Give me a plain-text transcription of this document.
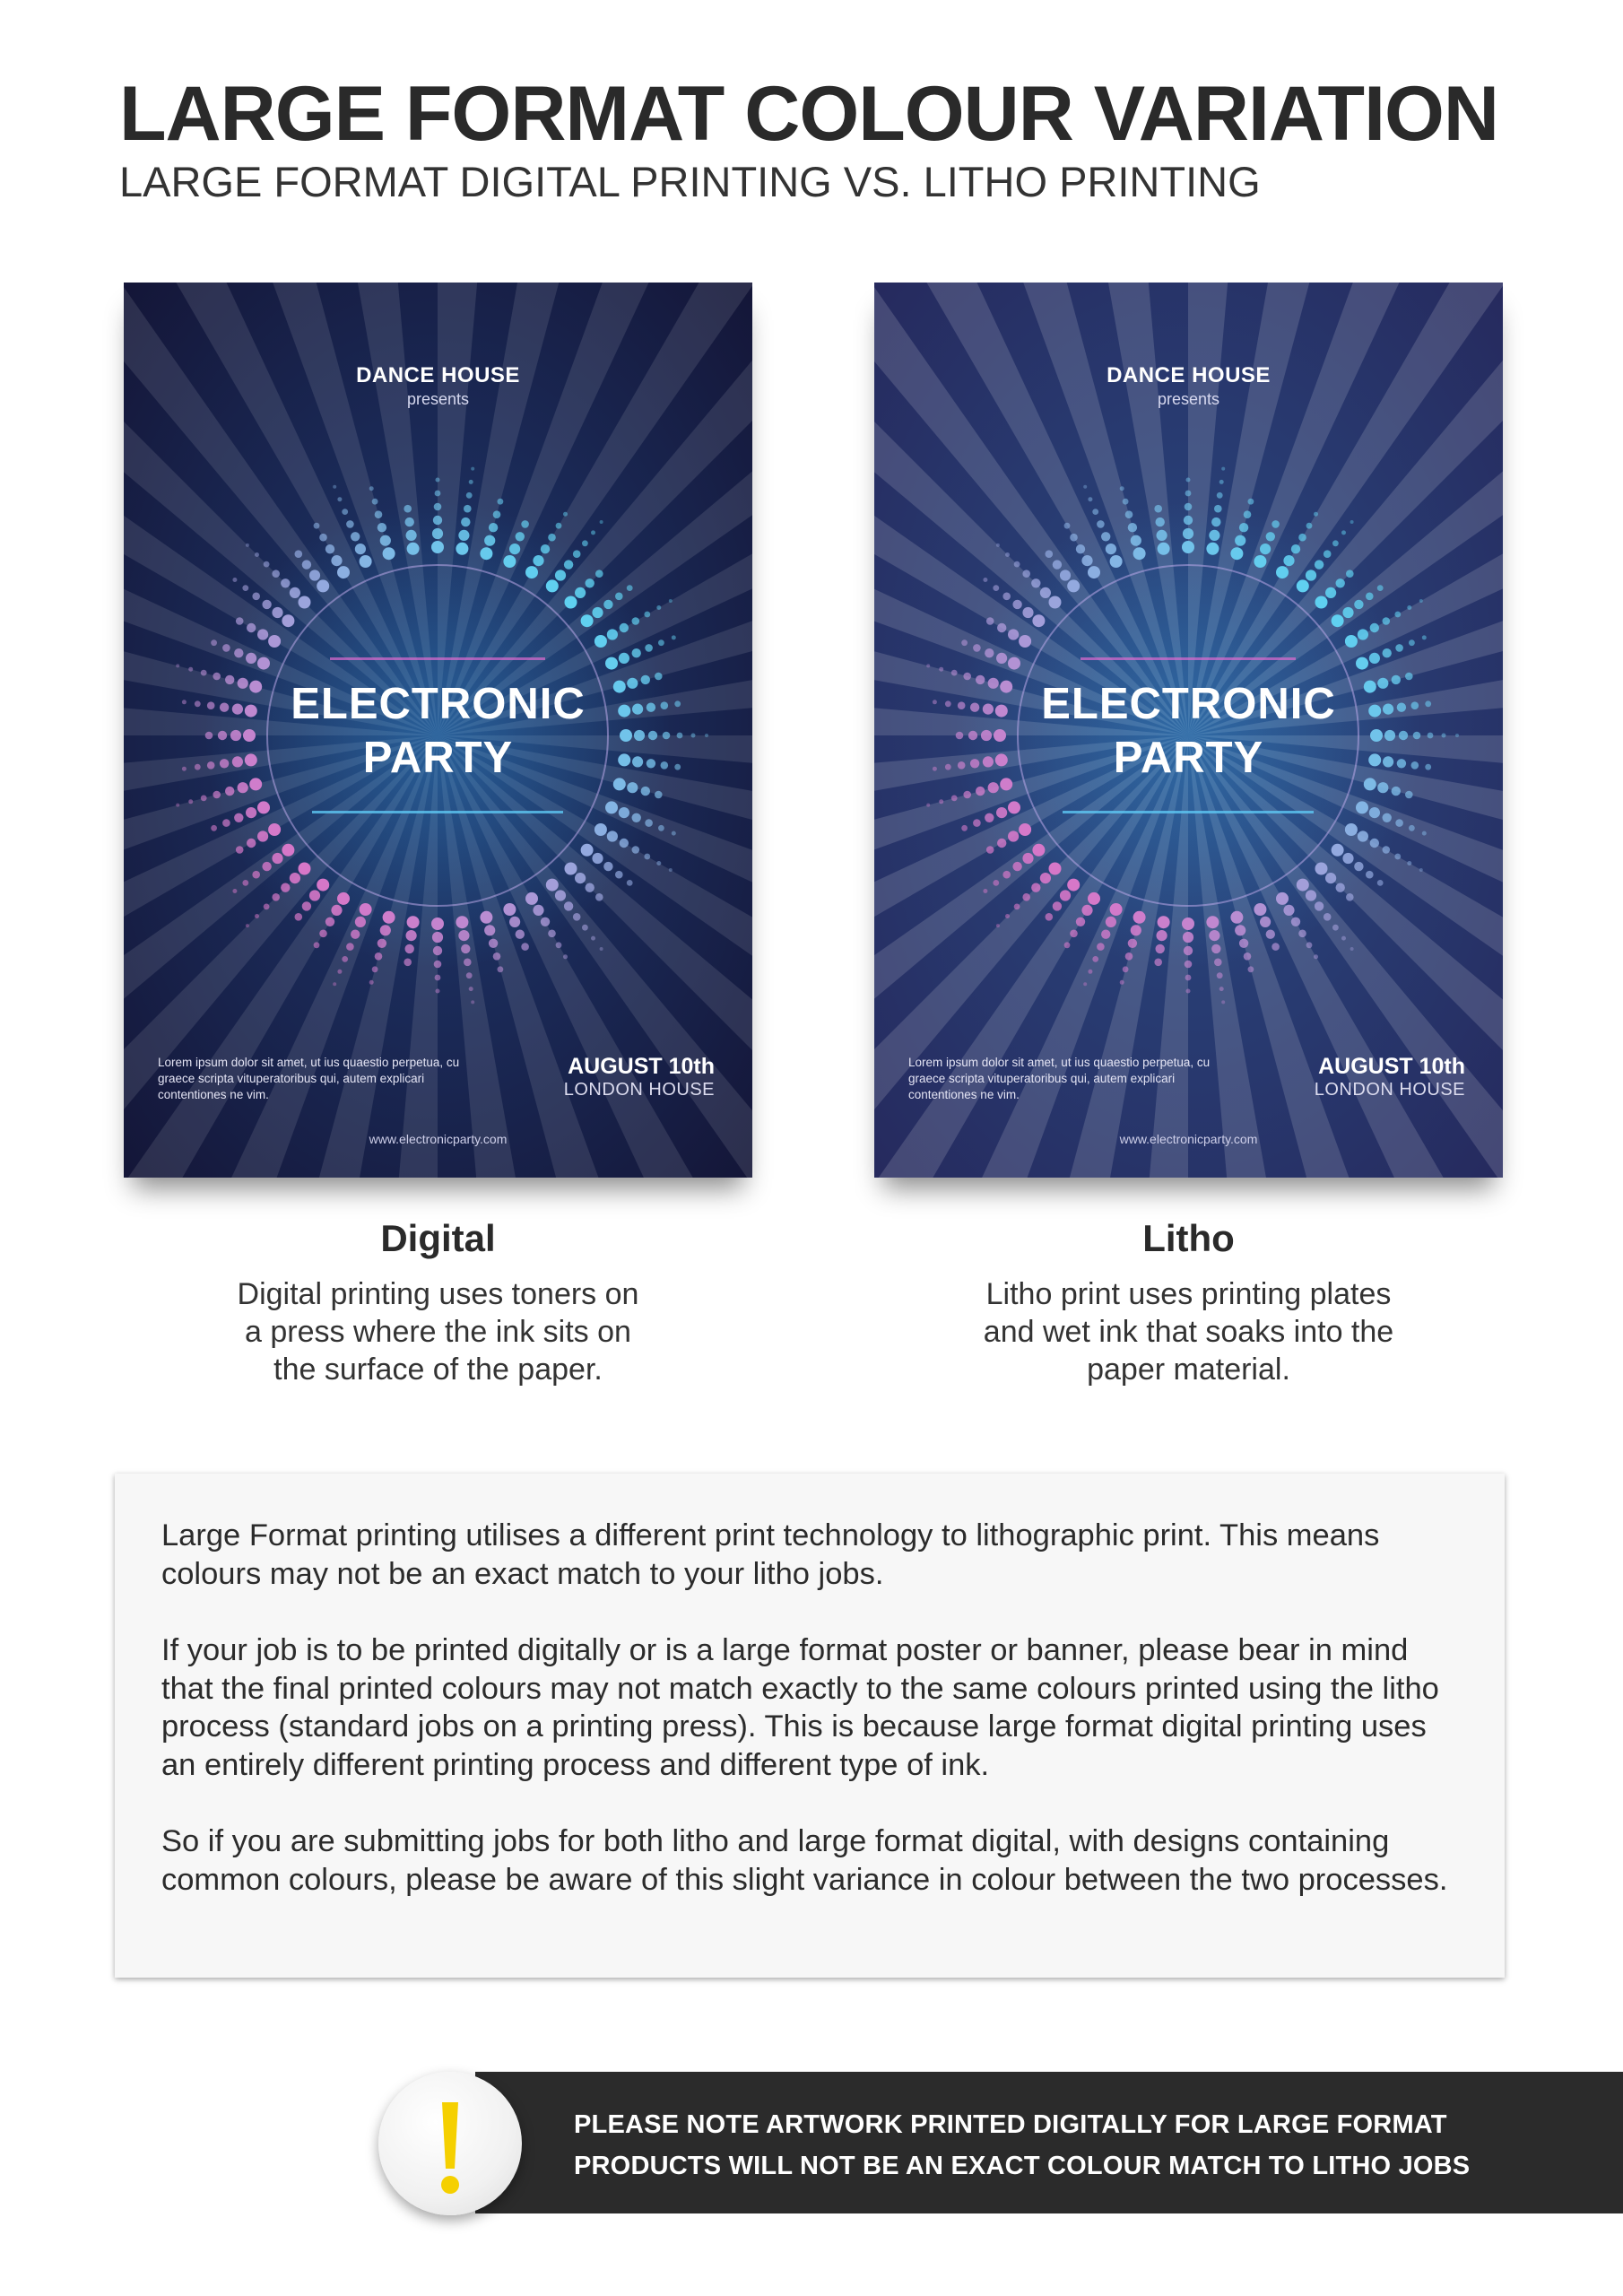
LARGE FORMAT COLOUR VARIATION
LARGE FORMAT DIGITAL PRINTING VS. LITHO PRINTING
DANCE HOUSE
presents
ELECTRONIC
PARTY
Lorem ipsum dolor sit amet, ut ius quaestio perpetua, cu graece scripta vituperatoribus qui, autem explicari contentiones ne vim.
AUGUST 10th
LONDON HOUSE
www.electronicparty.com
DANCE HOUSE
presents
ELECTRONIC
PARTY
Lorem ipsum dolor sit amet, ut ius quaestio perpetua, cu graece scripta vituperatoribus qui, autem explicari contentiones ne vim.
AUGUST 10th
LONDON HOUSE
www.electronicparty.com
Digital

Digital printing uses toners on
a press where the ink sits on
the surface of the paper.

Litho

Litho print uses printing plates
and wet ink that soaks into the
paper material.

Large Format printing utilises a different print technology to lithographic print. This means colours may not be an exact match to your litho jobs.

If your job is to be printed digitally or is a large format poster or banner, please bear in mind that the final printed colours may not match exactly to the same colours printed using the litho process (standard jobs on a printing press). This is because large format digital printing uses an entirely different printing process and different type of ink.

So if you are submitting jobs for both litho and large format digital, with designs containing common colours, please be aware of this slight variance in colour between the two processes.

PLEASE NOTE ARTWORK PRINTED DIGITALLY FOR LARGE FORMAT
PRODUCTS WILL NOT BE AN EXACT COLOUR MATCH TO LITHO JOBS
